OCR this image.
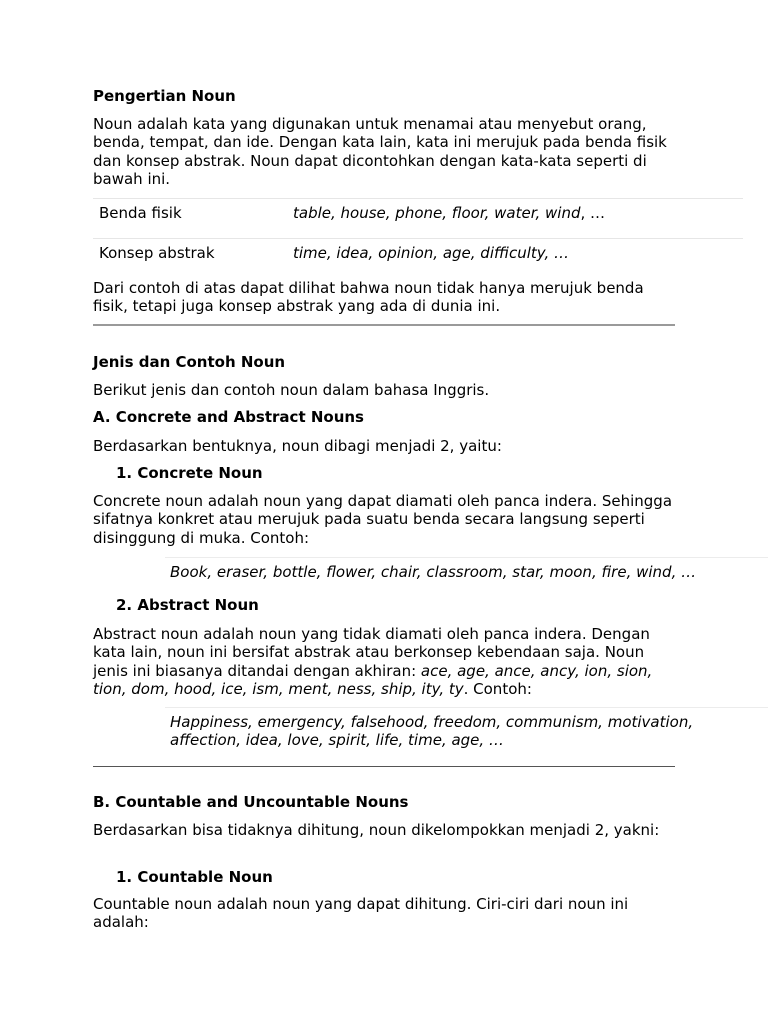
Pengertian Noun

Noun adalah kata yang digunakan untuk menamai atau menyebut orang, benda, tempat, dan ide. Dengan kata lain, kata ini merujuk pada benda fisik dan konsep abstrak. Noun dapat dicontohkan dengan kata-kata seperti di bawah ini.

Benda fisik	table, house, phone, floor, water, wind, …
Konsep abstrak	time, idea, opinion, age, difficulty, …

Dari contoh di atas dapat dilihat bahwa noun tidak hanya merujuk benda fisik, tetapi juga konsep abstrak yang ada di dunia ini.

Jenis dan Contoh Noun

Berikut jenis dan contoh noun dalam bahasa Inggris.

A. Concrete and Abstract Nouns

Berdasarkan bentuknya, noun dibagi menjadi 2, yaitu:

1. Concrete Noun

Concrete noun adalah noun yang dapat diamati oleh panca indera. Sehingga sifatnya konkret atau merujuk pada suatu benda secara langsung seperti disinggung di muka. Contoh:

Book, eraser, bottle, flower, chair, classroom, star, moon, fire, wind, …

2. Abstract Noun

Abstract noun adalah noun yang tidak diamati oleh panca indera. Dengan kata lain, noun ini bersifat abstrak atau berkonsep kebendaan saja. Noun jenis ini biasanya ditandai dengan akhiran: ace, age, ance, ancy, ion, sion, tion, dom, hood, ice, ism, ment, ness, ship, ity, ty. Contoh:

Happiness, emergency, falsehood, freedom, communism, motivation, affection, idea, love, spirit, life, time, age, …

B. Countable and Uncountable Nouns

Berdasarkan bisa tidaknya dihitung, noun dikelompokkan menjadi 2, yakni:

1. Countable Noun

Countable noun adalah noun yang dapat dihitung. Ciri-ciri dari noun ini adalah:
